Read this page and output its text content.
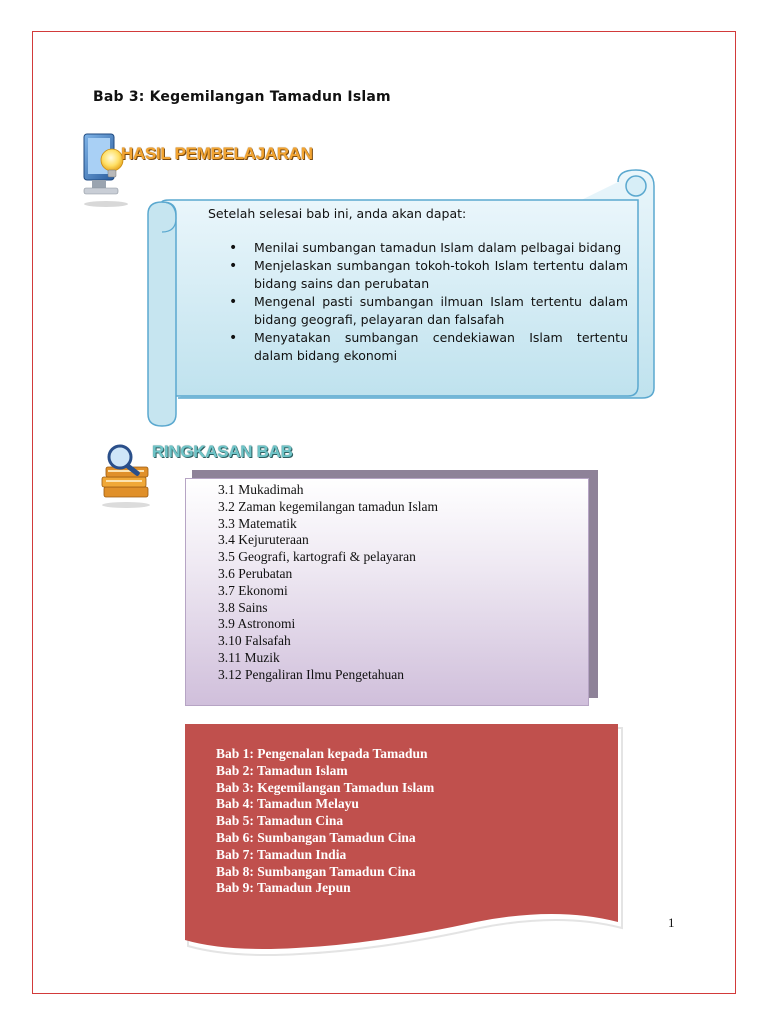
Bab 3: Kegemilangan Tamadun Islam
HASIL PEMBELAJARAN

Setelah selesai bab ini, anda akan dapat:

• Menilai sumbangan tamadun Islam dalam pelbagai bidang
• Menjelaskan sumbangan tokoh-tokoh Islam tertentu dalam bidang sains dan perubatan
• Mengenal pasti sumbangan ilmuan Islam tertentu dalam bidang geografi, pelayaran dan falsafah
• Menyatakan sumbangan cendekiawan Islam tertentu dalam bidang ekonomi
RINGKASAN BAB
3.1 Mukadimah
3.2 Zaman kegemilangan tamadun Islam
3.3 Matematik
3.4 Kejuruteraan
3.5 Geografi, kartografi & pelayaran
3.6 Perubatan
3.7 Ekonomi
3.8 Sains
3.9 Astronomi
3.10 Falsafah
3.11 Muzik
3.12 Pengaliran Ilmu Pengetahuan
Bab 1: Pengenalan kepada Tamadun
Bab 2: Tamadun Islam
Bab 3: Kegemilangan Tamadun Islam
Bab 4: Tamadun Melayu
Bab 5: Tamadun Cina
Bab 6: Sumbangan Tamadun Cina
Bab 7: Tamadun India
Bab 8: Sumbangan Tamadun Cina
Bab 9: Tamadun Jepun
1
